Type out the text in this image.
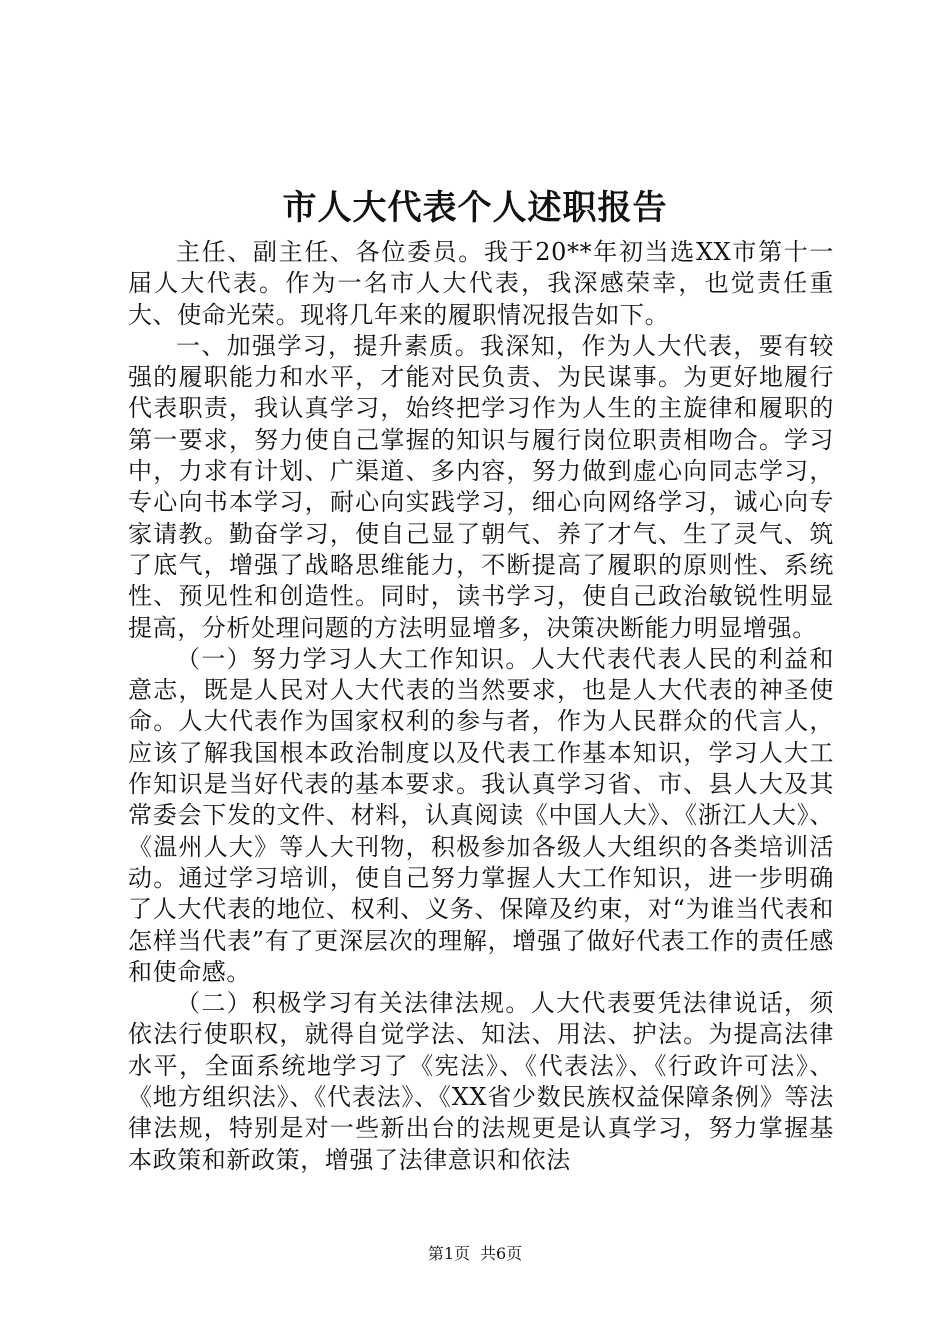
市人大代表个人述职报告

主任、副主任、各位委员。我于20**年初当选XX市第十一届人大代表。作为一名市人大代表，我深感荣幸，也觉责任重大、使命光荣。现将几年来的履职情况报告如下。

一、加强学习，提升素质。我深知，作为人大代表，要有较强的履职能力和水平，才能对民负责、为民谋事。为更好地履行代表职责，我认真学习，始终把学习作为人生的主旋律和履职的第一要求，努力使自己掌握的知识与履行岗位职责相吻合。学习中，力求有计划、广渠道、多内容，努力做到虚心向同志学习，专心向书本学习，耐心向实践学习，细心向网络学习，诚心向专家请教。勤奋学习，使自己显了朝气、养了才气、生了灵气、筑了底气，增强了战略思维能力，不断提高了履职的原则性、系统性、预见性和创造性。同时，读书学习，使自己政治敏锐性明显提高，分析处理问题的方法明显增多，决策决断能力明显增强。

（一）努力学习人大工作知识。人大代表代表人民的利益和意志，既是人民对人大代表的当然要求，也是人大代表的神圣使命。人大代表作为国家权利的参与者，作为人民群众的代言人，应该了解我国根本政治制度以及代表工作基本知识，学习人大工作知识是当好代表的基本要求。我认真学习省、市、县人大及其常委会下发的文件、材料，认真阅读《中国人大》、《浙江人大》、《温州人大》等人大刊物，积极参加各级人大组织的各类培训活动。通过学习培训，使自己努力掌握人大工作知识，进一步明确了人大代表的地位、权利、义务、保障及约束，对“为谁当代表和怎样当代表”有了更深层次的理解，增强了做好代表工作的责任感和使命感。

（二）积极学习有关法律法规。人大代表要凭法律说话，须依法行使职权，就得自觉学法、知法、用法、护法。为提高法律水平，全面系统地学习了《宪法》、《代表法》、《行政许可法》、《地方组织法》、《代表法》、《XX省少数民族权益保障条例》等法律法规，特别是对一些新出台的法规更是认真学习，努力掌握基本政策和新政策，增强了法律意识和依法

第1页 共6页
